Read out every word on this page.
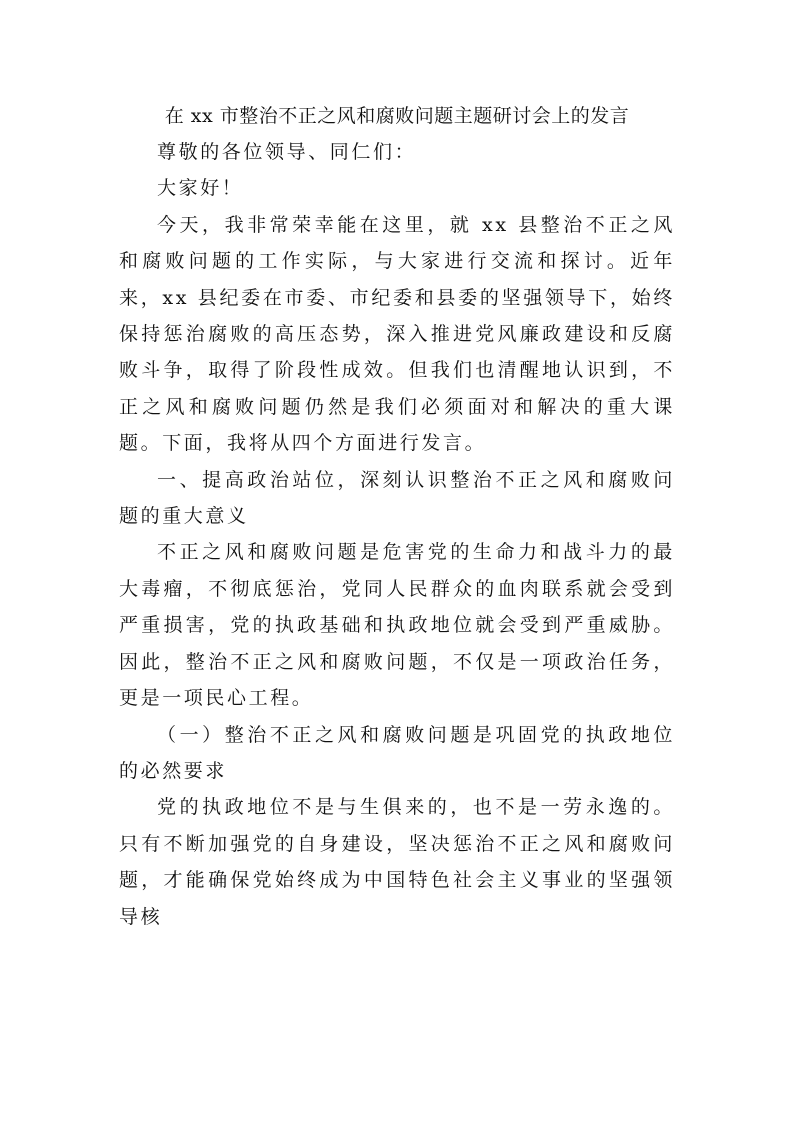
在 xx 市整治不正之风和腐败问题主题研讨会上的发言

尊敬的各位领导、同仁们：

大家好！

今天，我非常荣幸能在这里，就 xx 县整治不正之风和腐败问题的工作实际，与大家进行交流和探讨。近年来，xx 县纪委在市委、市纪委和县委的坚强领导下，始终保持惩治腐败的高压态势，深入推进党风廉政建设和反腐败斗争，取得了阶段性成效。但我们也清醒地认识到，不正之风和腐败问题仍然是我们必须面对和解决的重大课题。下面，我将从四个方面进行发言。

一、提高政治站位，深刻认识整治不正之风和腐败问题的重大意义

不正之风和腐败问题是危害党的生命力和战斗力的最大毒瘤，不彻底惩治，党同人民群众的血肉联系就会受到严重损害，党的执政基础和执政地位就会受到严重威胁。因此，整治不正之风和腐败问题，不仅是一项政治任务，更是一项民心工程。

（一）整治不正之风和腐败问题是巩固党的执政地位的必然要求

党的执政地位不是与生俱来的，也不是一劳永逸的。只有不断加强党的自身建设，坚决惩治不正之风和腐败问题，才能确保党始终成为中国特色社会主义事业的坚强领导核
